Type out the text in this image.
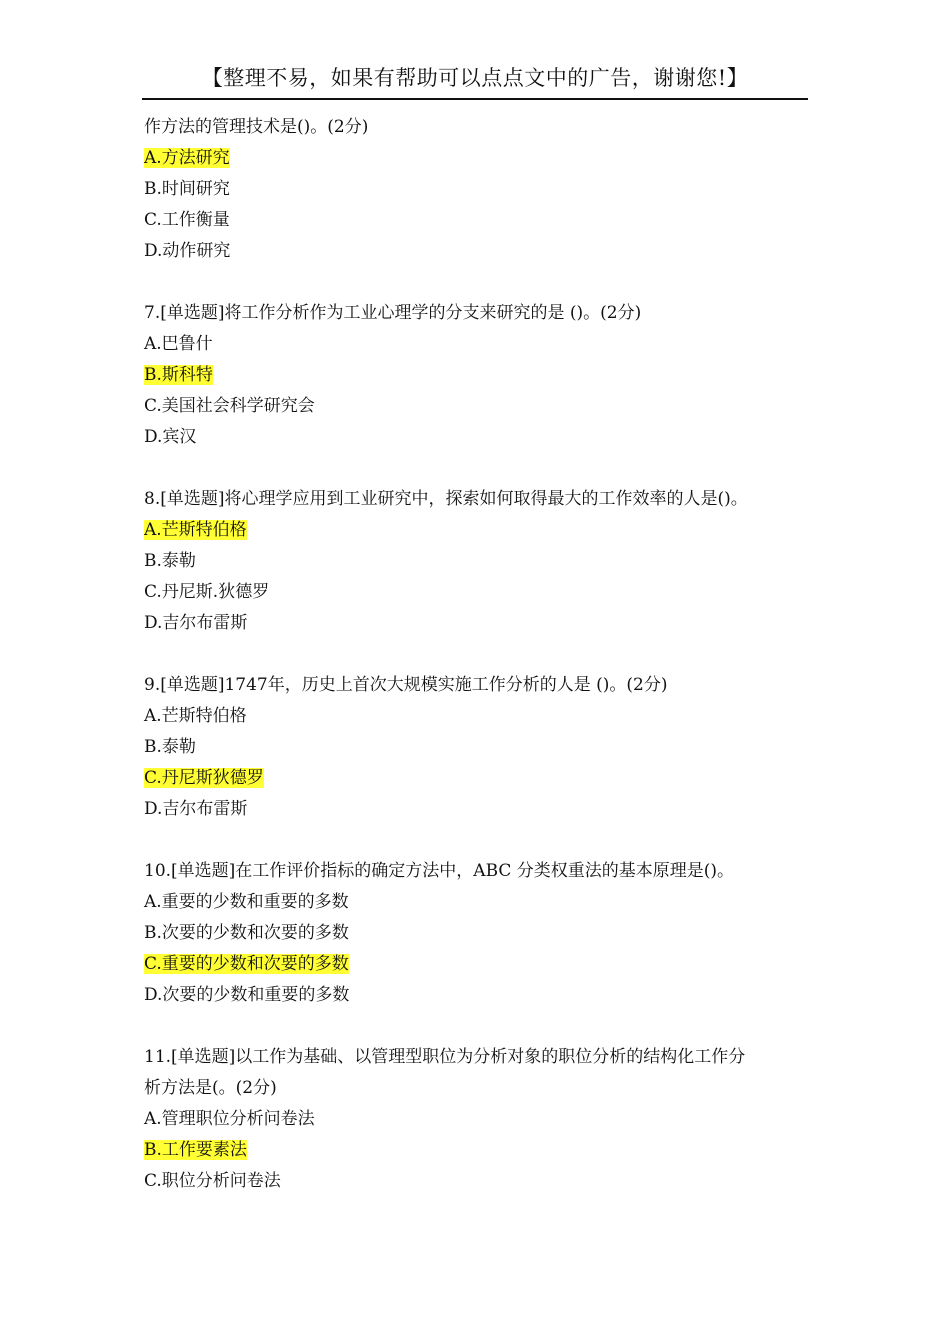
【整理不易，如果有帮助可以点点文中的广告，谢谢您!】
作方法的管理技术是()。(2分)
A.方法研究
B.时间研究
C.工作衡量
D.动作研究
7.[单选题]将工作分析作为工业心理学的分支来研究的是 ()。(2分)
A.巴鲁什
B.斯科特
C.美国社会科学研究会
D.宾汉
8.[单选题]将心理学应用到工业研究中，探索如何取得最大的工作效率的人是()。
A.芒斯特伯格
B.泰勒
C.丹尼斯.狄德罗
D.吉尔布雷斯
9.[单选题]1747年，历史上首次大规模实施工作分析的人是 ()。(2分)
A.芒斯特伯格
B.泰勒
C.丹尼斯狄德罗
D.吉尔布雷斯
10.[单选题]在工作评价指标的确定方法中，ABC 分类权重法的基本原理是()。
A.重要的少数和重要的多数
B.次要的少数和次要的多数
C.重要的少数和次要的多数
D.次要的少数和重要的多数
11.[单选题]以工作为基础、以管理型职位为分析对象的职位分析的结构化工作分
析方法是(。(2分)
A.管理职位分析问卷法
B.工作要素法
C.职位分析问卷法
